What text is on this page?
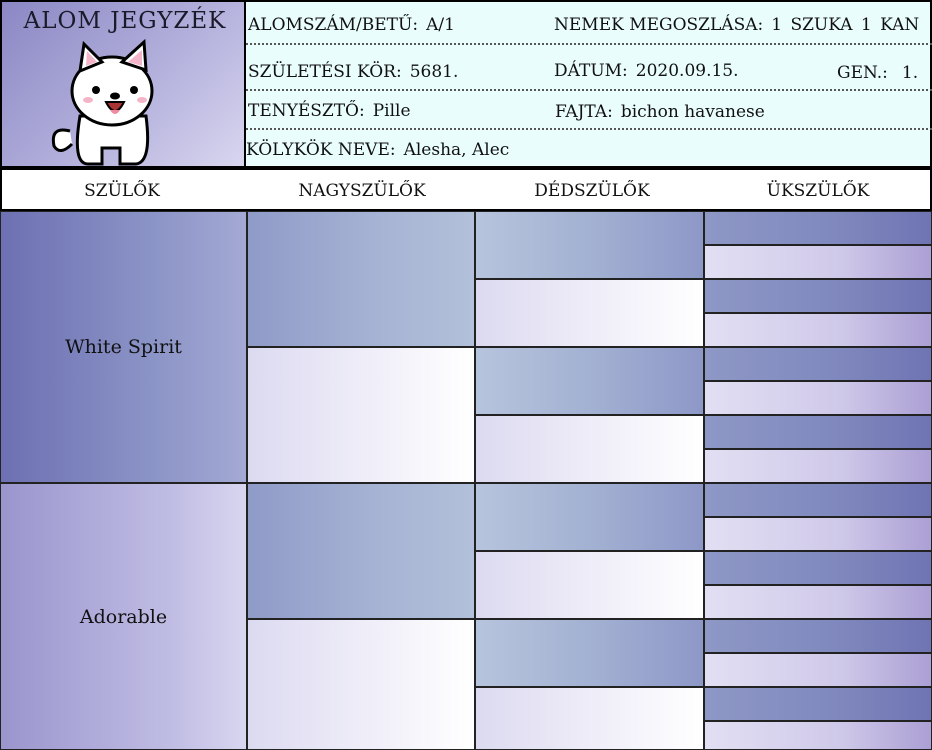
ALOM JEGYZÉK	ALOMSZÁM/BETŰ: A/1	NEMEK MEGOSZLÁSA: 1 SZUKA 1 KAN
SZÜLETÉSI KÖR: 5681.	DÁTUM: 2020.09.15.	GEN.: 1.
TENYÉSZTŐ: Pille	FAJTA: bichon havanese
KÖLYKÖK NEVE: Alesha, Alec
SZÜLŐK	NAGYSZÜLŐK	DÉDSZÜLŐK	ÜKSZÜLŐK
White Spirit
Adorable
